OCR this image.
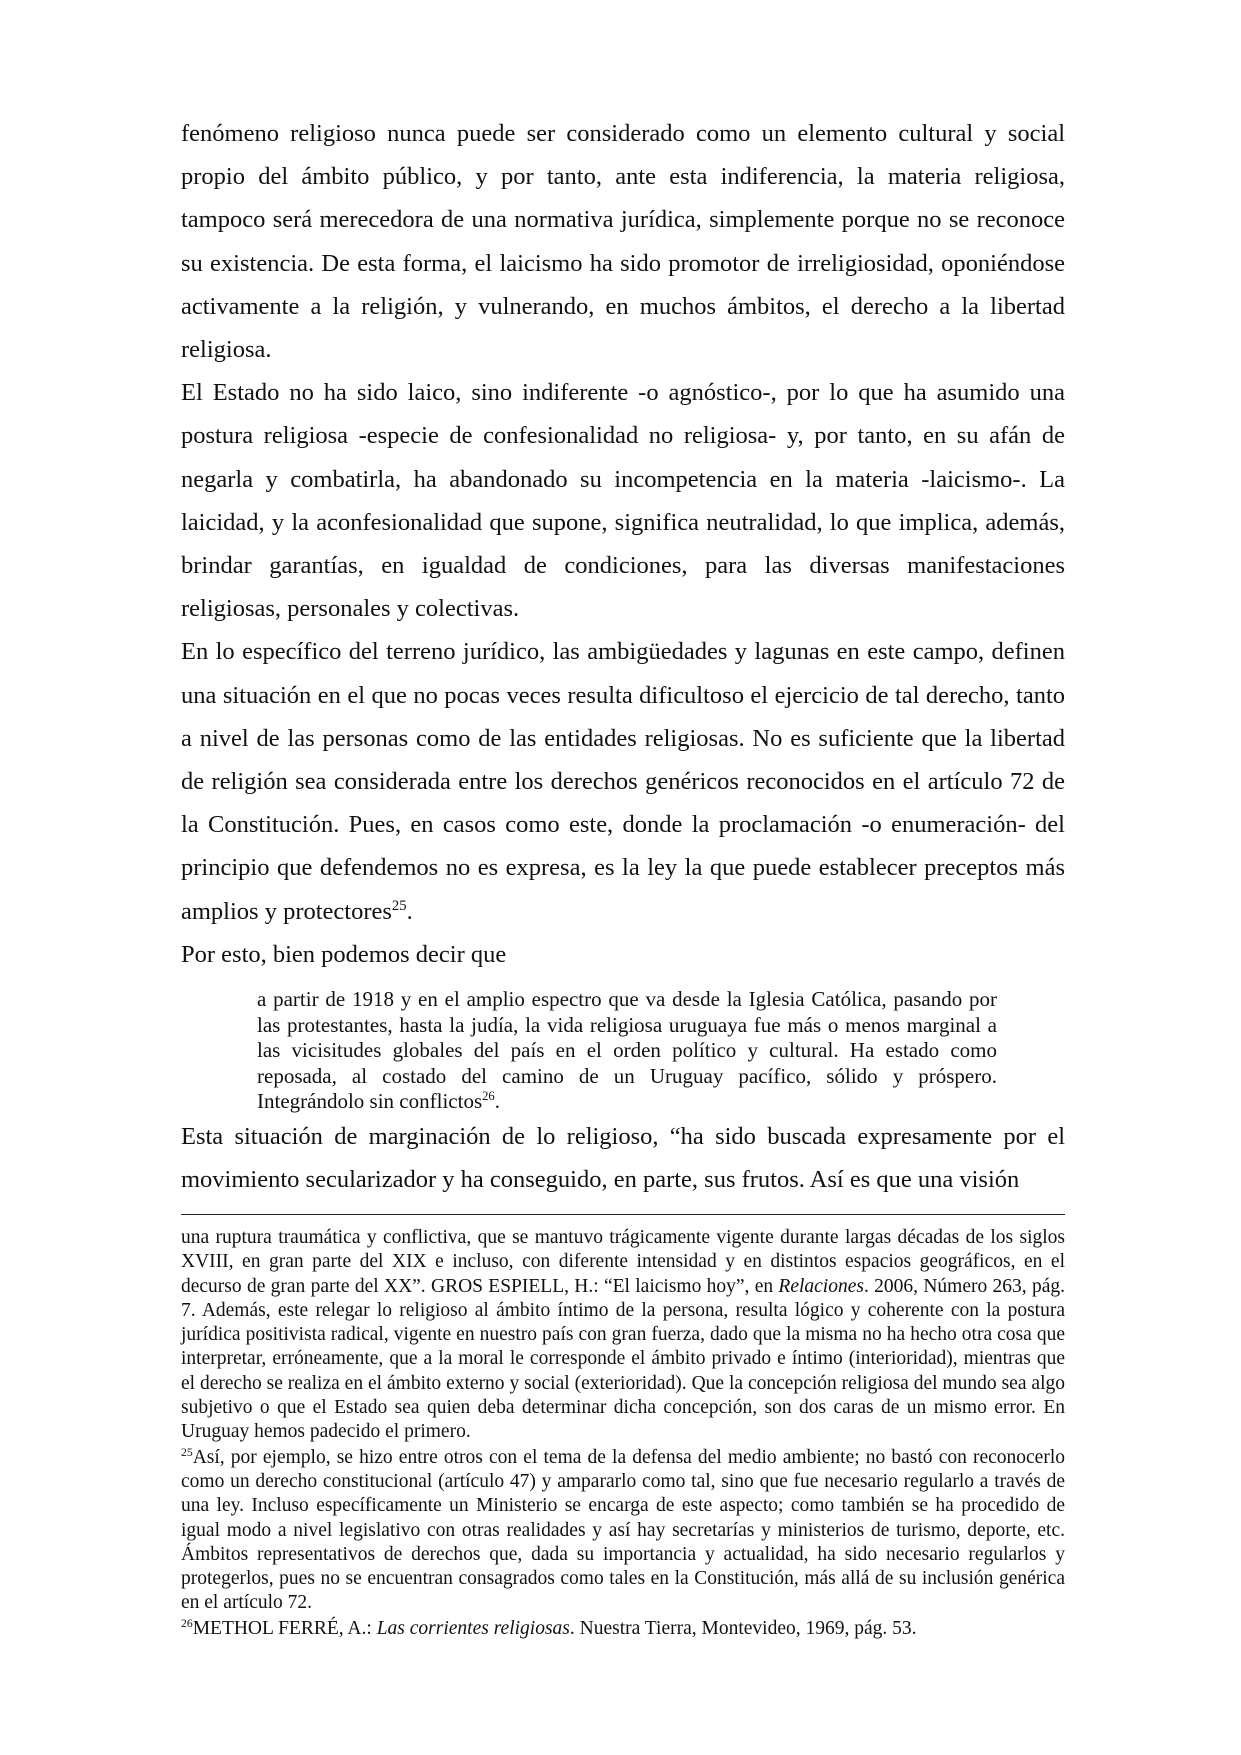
fenómeno religioso nunca puede ser considerado como un elemento cultural y social propio del ámbito público, y por tanto, ante esta indiferencia, la materia religiosa, tampoco será merecedora de una normativa jurídica, simplemente porque no se reconoce su existencia. De esta forma, el laicismo ha sido promotor de irreligiosidad, oponiéndose activamente a la religión, y vulnerando, en muchos ámbitos, el derecho a la libertad religiosa.

El Estado no ha sido laico, sino indiferente -o agnóstico-, por lo que ha asumido una postura religiosa -especie de confesionalidad no religiosa- y, por tanto, en su afán de negarla y combatirla, ha abandonado su incompetencia en la materia -laicismo-. La laicidad, y la aconfesionalidad que supone, significa neutralidad, lo que implica, además, brindar garantías, en igualdad de condiciones, para las diversas manifestaciones religiosas, personales y colectivas.

En lo específico del terreno jurídico, las ambigüedades y lagunas en este campo, definen una situación en el que no pocas veces resulta dificultoso el ejercicio de tal derecho, tanto a nivel de las personas como de las entidades religiosas. No es suficiente que la libertad de religión sea considerada entre los derechos genéricos reconocidos en el artículo 72 de la Constitución. Pues, en casos como este, donde la proclamación -o enumeración- del principio que defendemos no es expresa, es la ley la que puede establecer preceptos más amplios y protectores$^{25}$.

Por esto, bien podemos decir que

a partir de 1918 y en el amplio espectro que va desde la Iglesia Católica, pasando por las protestantes, hasta la judía, la vida religiosa uruguaya fue más o menos marginal a las vicisitudes globales del país en el orden político y cultural. Ha estado como reposada, al costado del camino de un Uruguay pacífico, sólido y próspero. Integrándolo sin conflictos$^{26}$.

Esta situación de marginación de lo religioso, “ha sido buscada expresamente por el movimiento secularizador y ha conseguido, en parte, sus frutos. Así es que una visión

una ruptura traumática y conflictiva, que se mantuvo trágicamente vigente durante largas décadas de los siglos XVIII, en gran parte del XIX e incluso, con diferente intensidad y en distintos espacios geográficos, en el decurso de gran parte del XX”. GROS ESPIELL, H.: “El laicismo hoy”, en Relaciones. 2006, Número 263, pág. 7. Además, este relegar lo religioso al ámbito íntimo de la persona, resulta lógico y coherente con la postura jurídica positivista radical, vigente en nuestro país con gran fuerza, dado que la misma no ha hecho otra cosa que interpretar, erróneamente, que a la moral le corresponde el ámbito privado e íntimo (interioridad), mientras que el derecho se realiza en el ámbito externo y social (exterioridad). Que la concepción religiosa del mundo sea algo subjetivo o que el Estado sea quien deba determinar dicha concepción, son dos caras de un mismo error. En Uruguay hemos padecido el primero.

$^{25}$Así, por ejemplo, se hizo entre otros con el tema de la defensa del medio ambiente; no bastó con reconocerlo como un derecho constitucional (artículo 47) y ampararlo como tal, sino que fue necesario regularlo a través de una ley. Incluso específicamente un Ministerio se encarga de este aspecto; como también se ha procedido de igual modo a nivel legislativo con otras realidades y así hay secretarías y ministerios de turismo, deporte, etc. Ámbitos representativos de derechos que, dada su importancia y actualidad, ha sido necesario regularlos y protegerlos, pues no se encuentran consagrados como tales en la Constitución, más allá de su inclusión genérica en el artículo 72.

$^{26}$METHOL FERRÉ, A.: Las corrientes religiosas. Nuestra Tierra, Montevideo, 1969, pág. 53.
